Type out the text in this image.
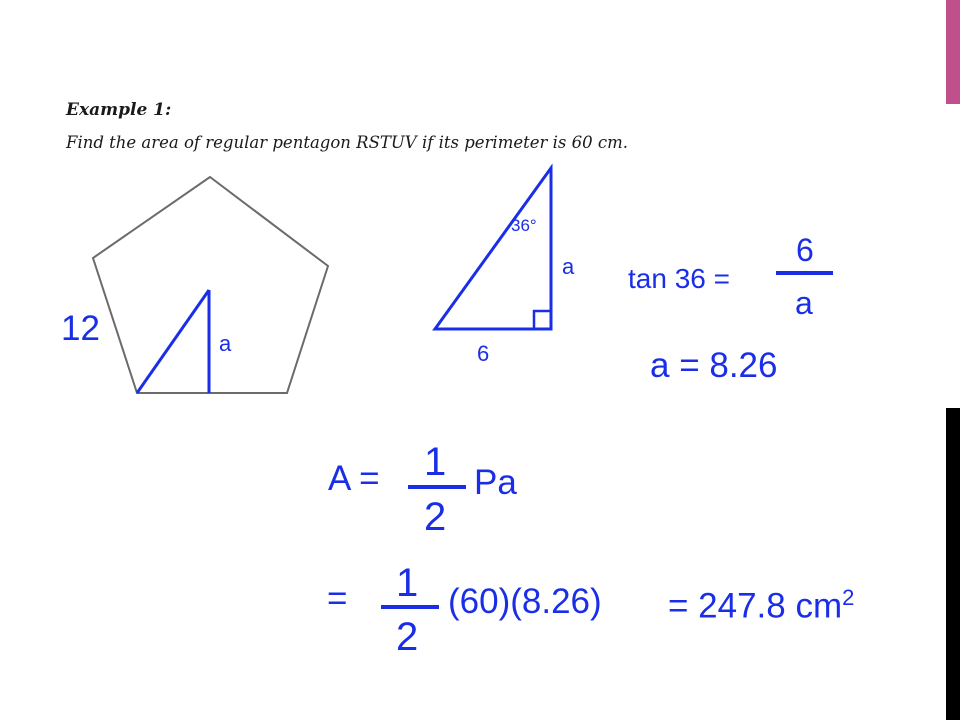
Example 1:

Find the area of regular pentagon RSTUV if its perimeter is 60 cm.

12	a
36°
a
6
tan 36 =
6
a
a = 8.26
A = 1
2
Pa
= 1
2
(60)(8.26) = 247.8 $cm^2$
